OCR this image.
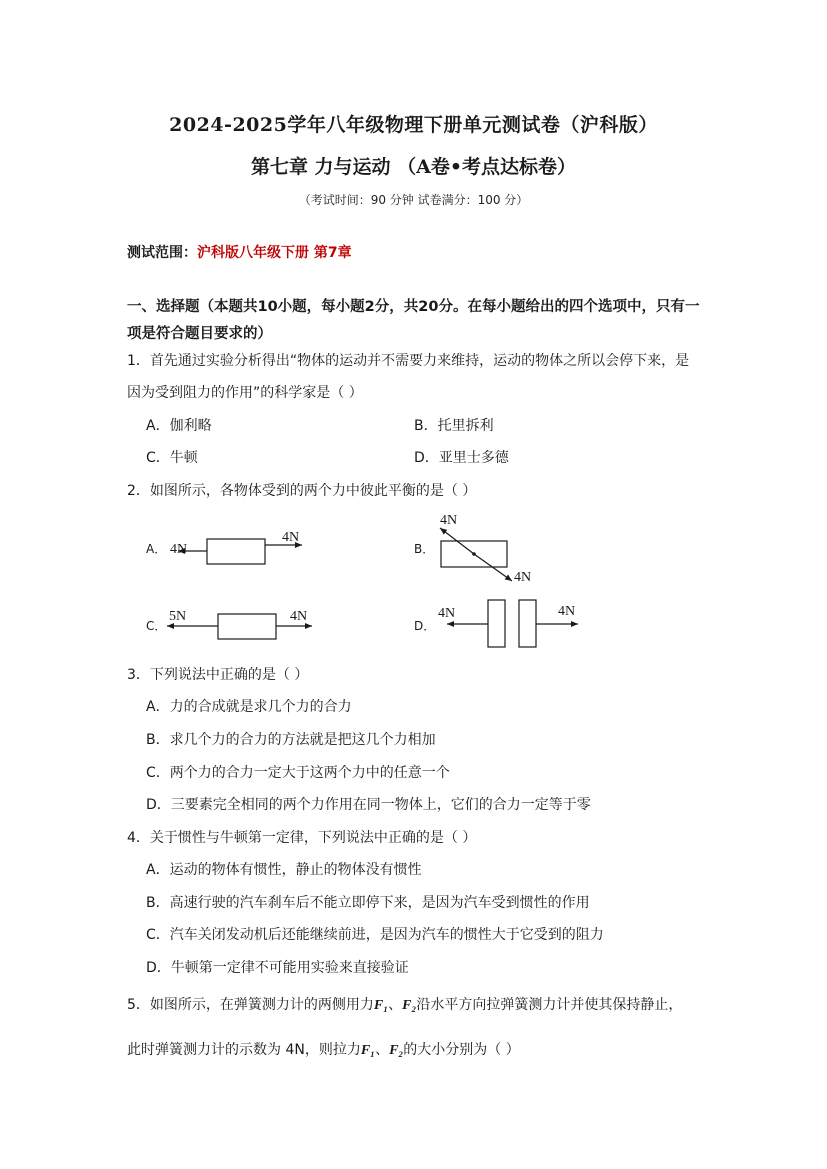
2024-2025学年八年级物理下册单元测试卷（沪科版）
第七章 力与运动 （A卷•考点达标卷）
（考试时间：90 分钟 试卷满分：100 分）
测试范围：沪科版八年级下册 第7章
一、选择题（本题共10小题，每小题2分，共20分。在每小题给出的四个选项中，只有一项是符合题目要求的）
1．首先通过实验分析得出“物体的运动并不需要力来维持，运动的物体之所以会停下来，是
因为受到阻力的作用”的科学家是（ ）
A．伽利略	B．托里拆利
C．牛顿	D．亚里士多德
2．如图所示，各物体受到的两个力中彼此平衡的是（ ）
A． 4N
4N
B．
4N
4N
C．
5N	4N
D．
4N	4N
3．下列说法中正确的是（ ）
A．力的合成就是求几个力的合力
B．求几个力的合力的方法就是把这几个力相加
C．两个力的合力一定大于这两个力中的任意一个
D．三要素完全相同的两个力作用在同一物体上，它们的合力一定等于零
4．关于惯性与牛顿第一定律，下列说法中正确的是（ ）
A．运动的物体有惯性，静止的物体没有惯性
B．高速行驶的汽车刹车后不能立即停下来，是因为汽车受到惯性的作用
C．汽车关闭发动机后还能继续前进，是因为汽车的惯性大于它受到的阻力
D．牛顿第一定律不可能用实验来直接验证
5．如图所示，在弹簧测力计的两侧用力F₁、F₂沿水平方向拉弹簧测力计并使其保持静止，
此时弹簧测力计的示数为 4N，则拉力F₁、F₂的大小分别为（ ）
